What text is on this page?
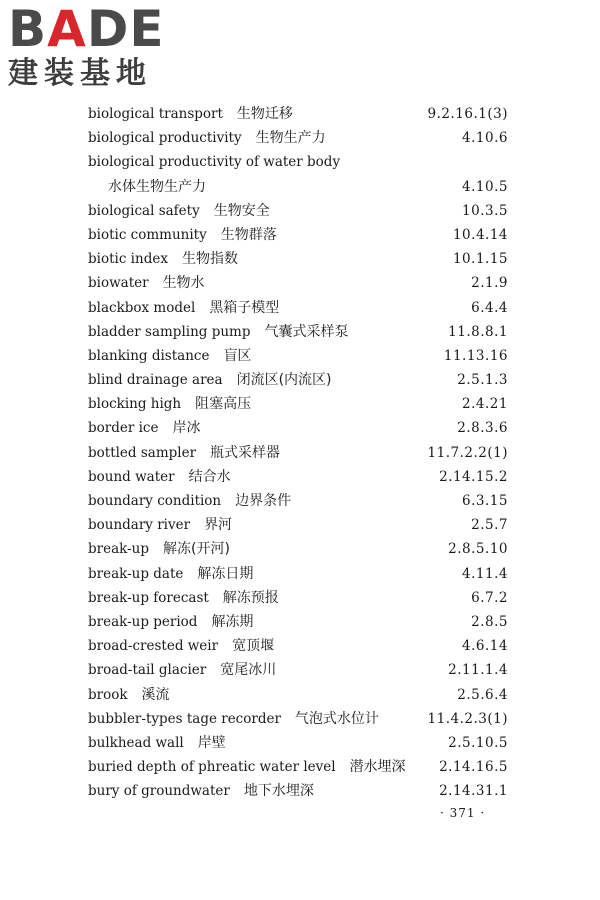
BADE
建装基地
biological transport 生物迁移	9.2.16.1(3)
biological productivity 生物生产力	4.10.6
biological productivity of water body
水体生物生产力	4.10.5
biological safety 生物安全	10.3.5
biotic community 生物群落	10.4.14
biotic index 生物指数	10.1.15
biowater 生物水	2.1.9
blackbox model 黑箱子模型	6.4.4
bladder sampling pump 气囊式采样泵	11.8.8.1
blanking distance 盲区	11.13.16
blind drainage area 闭流区(内流区)	2.5.1.3
blocking high 阻塞高压	2.4.21
border ice 岸冰	2.8.3.6
bottled sampler 瓶式采样器	11.7.2.2(1)
bound water 结合水	2.14.15.2
boundary condition 边界条件	6.3.15
boundary river 界河	2.5.7
break-up 解冻(开河)	2.8.5.10
break-up date 解冻日期	4.11.4
break-up forecast 解冻预报	6.7.2
break-up period 解冻期	2.8.5
broad-crested weir 宽顶堰	4.6.14
broad-tail glacier 宽尾冰川	2.11.1.4
brook 溪流	2.5.6.4
bubbler-types tage recorder 气泡式水位计	11.4.2.3(1)
bulkhead wall 岸壁	2.5.10.5
buried depth of phreatic water level 潜水埋深 2.14.16.5
bury of groundwater 地下水埋深	2.14.31.1
· 371 ·
